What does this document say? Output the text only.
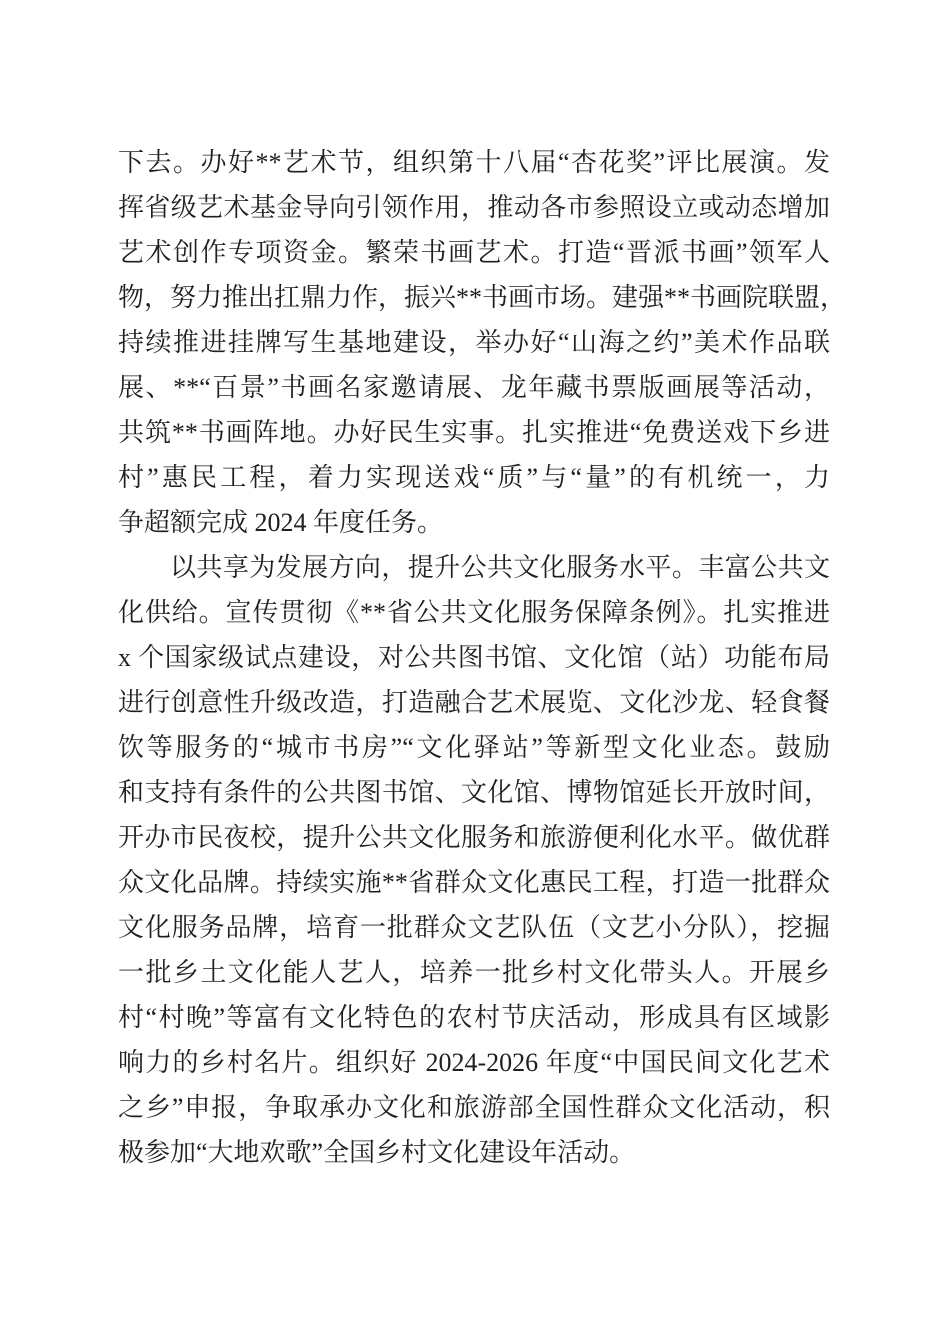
下去。办好**艺术节，组织第十八届“杏花奖”评比展演。发
挥省级艺术基金导向引领作用，推动各市参照设立或动态增加
艺术创作专项资金。繁荣书画艺术。打造“晋派书画”领军人
物，努力推出扛鼎力作，振兴**书画市场。建强**书画院联盟，
持续推进挂牌写生基地建设，举办好“山海之约”美术作品联
展、**“百景”书画名家邀请展、龙年藏书票版画展等活动，
共筑**书画阵地。办好民生实事。扎实推进“免费送戏下乡进
村”惠民工程，着力实现送戏“质”与“量”的有机统一，力
争超额完成 2024 年度任务。
以共享为发展方向，提升公共文化服务水平。丰富公共文
化供给。宣传贯彻《**省公共文化服务保障条例》。扎实推进
x 个国家级试点建设，对公共图书馆、文化馆（站）功能布局
进行创意性升级改造，打造融合艺术展览、文化沙龙、轻食餐
饮等服务的“城市书房”“文化驿站”等新型文化业态。鼓励
和支持有条件的公共图书馆、文化馆、博物馆延长开放时间，
开办市民夜校，提升公共文化服务和旅游便利化水平。做优群
众文化品牌。持续实施**省群众文化惠民工程，打造一批群众
文化服务品牌，培育一批群众文艺队伍（文艺小分队），挖掘
一批乡土文化能人艺人，培养一批乡村文化带头人。开展乡
村“村晚”等富有文化特色的农村节庆活动，形成具有区域影
响力的乡村名片。组织好 2024-2026 年度“中国民间文化艺术
之乡”申报，争取承办文化和旅游部全国性群众文化活动，积
极参加“大地欢歌”全国乡村文化建设年活动。
